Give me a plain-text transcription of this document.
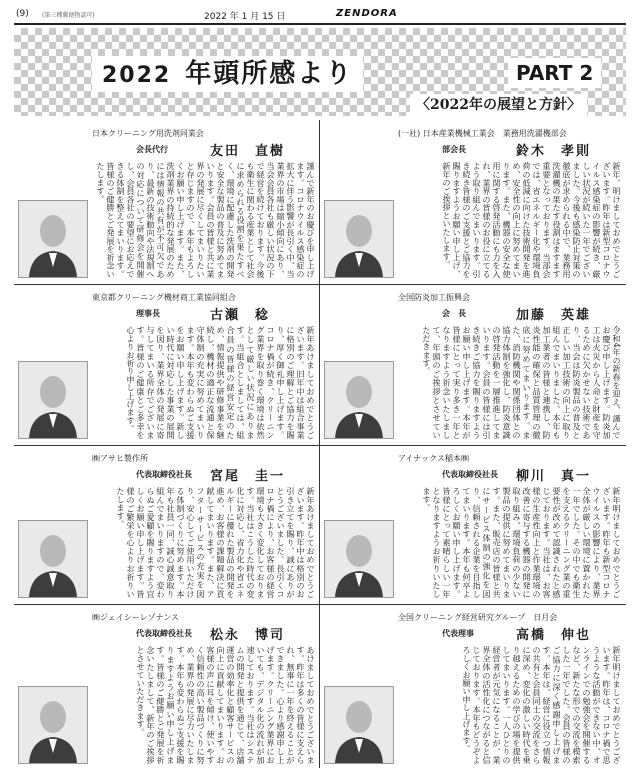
(9) (第三種郵便物認可)	2022 年 1 月 15 日	ZENDORA
2022 年頭所感より	PART 2
〈2022年の展望と方針〉
日本クリーニング用洗剤同業会
会長代行	友田　直樹
謹んで新年のお慶びを申し上げます。コロナウイルス感染症の拡大に伴う影響が長引く中、当業界の市場は縮小傾向にあり、当会会員各社も厳しい状況の下で経営を続けております。今後も衛生に関わる産業として社会に求められる役割を果たすべく、環境に配慮した洗剤の開発と安全な製品の普及に努めてまいります。会員の皆様と共に業界の発展に尽くしてまいりたいと存じますので、本年もよろしくお願い申し上げます。また、洗剤業界の持続的な発展のためには情報の共有が不可欠であり、最新の技術動向や法規制への対応について研修会を開催し、会員各社の要望にお応えできる体制を整えてまいります。皆様のご健勝とご発展を祈念いたします。
(一社) 日本産業機械工業会　業務用洗濯機部会
部会長	鈴木　孝則
新年、明けましておめでとうございます。昨年は新型コロナウイルス感染症の影響が続き、厳しい状況が続いた一年でございました。今後も感染防止対策の徹底が求められる中で、業務用洗濯機の果たす役割はますます重要となっております。当部会では、省エネルギー化や環境負荷の低減に向けた技術開発を進め、安全性の向上に努めてまいります。また、機器の安全な使用に関する啓発活動にも力を入れ、業界の皆様のお役に立てるよう取り組んでまいります。引き続き皆様のご支援とご協力を賜りますようお願い申し上げ、新年のご挨拶といたします。
東京都クリーニング機材商工業協同組合
理事長	古瀬　稔
新年あけましておめでとうございます。旧年中は組合事業に格別のご理解とご協力を賜り、厚く御礼申し上げます。コロナ禍が続き、クリーニング業界を取り巻く環境は依然として厳しい状況にあります。当組合としましては、組合員の皆様の経営安定のため、情報提供や研修事業を継続し、機材の適正な流通と保守体制の充実に努めてまいります。本年も変わらぬご支援をお願い申し上げます。新しい時代に対応した事業の展開を図り、業界全体の発展に寄与してまいる所存でございます。皆様のご健康とご多幸を心よりお祈り申し上げます。
全国防炎加工振興会
会　長	加藤　英雄
令和4年の新春を迎え、謹んでお慶び申し上げます。防炎加工は火災から人命と財産を守るために欠かせない技術であり、当会は防炎製品の普及と正しい加工技術の向上に取り組んでまいりました。本年も加工業者の皆様と連携し、防炎性能の確保と品質管理の徹底に努めてまいります。また、消防機関や関係団体との協力体制を強化し、防炎意識の啓発活動を一層推進してまいります。会員の皆様には引き続きご協力を賜りますようお願い申し上げます。本年が皆様にとって実り多き一年となりますよう祈念いたしまして、年頭のご挨拶とさせていただきます。
㈱アサヒ製作所
代表取締役社長 宮尾　圭一
新年あけましておめでとうございます。昨年中は格別のお引き立てを賜り、誠にありがとうございました。長引くコロナ禍により、お客様の経営環境も大きく変化しております。当社はこうした時代の変化に対応し、省力化や省エネルギーに優れた製品の開発を進め、お客様の課題解決に貢献してまいります。また、アフターサービスの充実を図り、安心してご使用いただける体制づくりに努めます。本年も社員一同、誠心誠意取り組んでまいりますので、変わらぬご愛顧を賜りますよう宜しくお願い申し上げます。皆様のご繁栄を心よりお祈りいたします。
アイナックス稲本㈱
代表取締役社長 柳川　真一
新年明けましておめでとうございます。昨年も新型コロナウイルスの影響により、業界全体が厳しい環境に置かれた一年でした。その中でも衛生を支えるクリーニング業の重要性が改めて認識されたと感じております。当社は、お客様の生産性向上と作業環境の改善に寄与する機器の開発に取り組み、環境負荷の少ない製品の提供に努めてまいります。また、販売店の皆様と共にサービス体制の強化を図り、信頼される企業を目指してまいります。本年も何卒よろしくお願い申し上げます。皆様にとって素晴らしい一年となりますようお祈りいたします。
㈱ジェイシーレゾナンス
代表取締役社長 松永　博司
あけましておめでとうございます。昨年は多くの皆様に支えられ、無事に一年を終えることができました。心より感謝申し上げます。クリーニング業界においても、デジタル化の流れが加速しております。当社はシステムの開発と提供を通じて、店舗運営の効率化と顧客サービスの向上に貢献してまいります。お客様の声に耳を傾け、使いやすく信頼性の高い製品づくりに努め、業界の発展に尽力いたします。本年も変わらぬご支援を賜りますようお願い申し上げます。皆様のご健勝とご発展を祈念いたしまして、新年のご挨拶とさせていただきます。
全国クリーニング経営研究グループ　日月会
代表理事	高橋　伸也
新年明けましておめでとうございます。昨年は、コロナ禍で思うような活動ができない中、オンラインでの勉強会を開催するなど、新たな形での交流を模索した一年でした。会員の皆様のご協力に深く感謝申し上げます。本年は、経営に役立つ情報の共有と会員同士の交流をさらに深め、変化の激しい時代を乗り越えるための学びの場を提供してまいります。一人ひとりの経営者が元気になることが、業界全体の活性化につながると信じております。本年もどうぞよろしくお願い申し上げます。
